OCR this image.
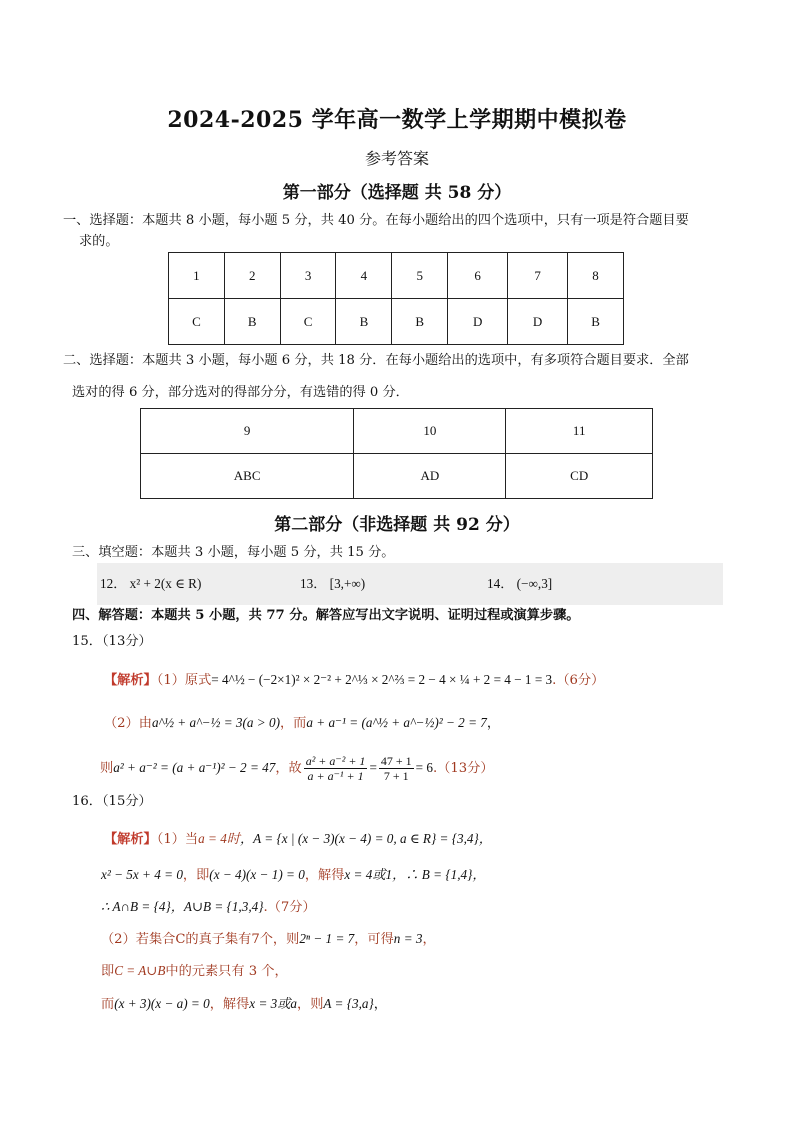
2024-2025 学年高一数学上学期期中模拟卷
参考答案
第一部分（选择题 共 58 分）
一、选择题：本题共 8 小题，每小题 5 分，共 40 分。在每小题给出的四个选项中，只有一项是符合题目要
求的。
1	2	3	4	5	6	7	8
C	B	C	B	B	D	D	B
二、选择题：本题共 3 小题，每小题 6 分，共 18 分．在每小题给出的选项中，有多项符合题目要求．全部
选对的得 6 分，部分选对的得部分分，有选错的得 0 分．
9	10	11
ABC	AD	CD
第二部分（非选择题 共 92 分）
三、填空题：本题共 3 小题，每小题 5 分，共 15 分。
12． x² + 2(x ∈ R)	13． [3,+∞)	14． (−∞,3]
四、解答题：本题共 5 小题，共 77 分。解答应写出文字说明、证明过程或演算步骤。
15．（13分）
【解析】（1）原式= 4^½ − (−2×1)² × 2⁻² + 2^⅓ × 2^⅔ = 2 − 4 × ¼ + 2 = 4 − 1 = 3.（6分）
（2）由a^½ + a^−½ = 3(a > 0)，而a + a⁻¹ = (a^½ + a^−½)² − 2 = 7，
则a² + a⁻² = (a + a⁻¹)² − 2 = 47，故 $\frac{\text{a² + a⁻² + 1}}{\text{a + a⁻¹ + 1}} = \frac{47 + 1}{7 + 1} = 6.(13$分）
16．（15分）
【解析】（1）当a = 4时，A = {x | (x − 3)(x − 4) = 0, a ∈ R} = {3,4}，
x² − 5x + 4 = 0，即(x − 4)(x − 1) = 0，解得x = 4或1，∴ B = {1,4}，
∴ A∩B = {4}，A∪B = {1,3,4}.（7分）
（2）若集合C的真子集有7个，则2ⁿ − 1 = 7，可得n = 3，
即C = A∪B中的元素只有 3 个，
而(x + 3)(x − a) = 0，解得x = 3或a，则A = {3,a}，
